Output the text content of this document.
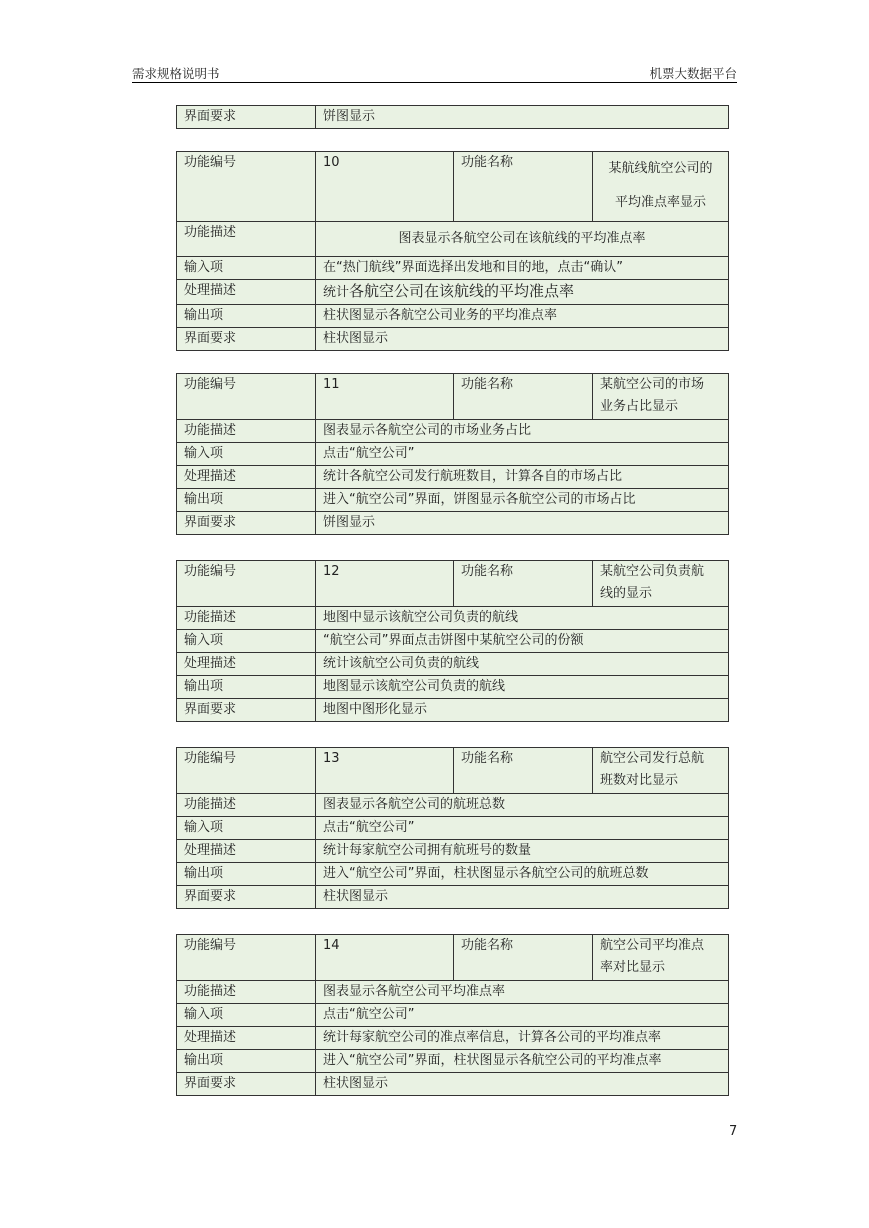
需求规格说明书	机票大数据平台
界面要求	饼图显示
功能编号	10	功能名称	某航线航空公司的
平均准点率显示

功能描述	图表显示各航空公司在该航线的平均准点率		
输入项	在“热门航线”界面选择出发地和目的地，点击“确认”		
处理描述	统计各航空公司在该航线的平均准点率		
输出项	柱状图显示各航空公司业务的平均准点率		
界面要求	柱状图显示		
功能编号	11	功能名称	某航空公司的市场
业务占比显示

功能描述	图表显示各航空公司的市场业务占比		
输入项	点击“航空公司”		
处理描述	统计各航空公司发行航班数目，计算各自的市场占比		
输出项	进入“航空公司”界面，饼图显示各航空公司的市场占比		
界面要求	饼图显示		
功能编号	12	功能名称	某航空公司负责航
线的显示

功能描述	地图中显示该航空公司负责的航线		
输入项	“航空公司”界面点击饼图中某航空公司的份额		
处理描述	统计该航空公司负责的航线		
输出项	地图显示该航空公司负责的航线		
界面要求	地图中图形化显示		
功能编号	13	功能名称	航空公司发行总航
班数对比显示

功能描述	图表显示各航空公司的航班总数		
输入项	点击“航空公司”		
处理描述	统计每家航空公司拥有航班号的数量		
输出项	进入“航空公司”界面，柱状图显示各航空公司的航班总数		
界面要求	柱状图显示		
功能编号	14	功能名称	航空公司平均准点
率对比显示

功能描述	图表显示各航空公司平均准点率		
输入项	点击“航空公司”		
处理描述	统计每家航空公司的准点率信息，计算各公司的平均准点率		
输出项	进入“航空公司”界面，柱状图显示各航空公司的平均准点率		
界面要求	柱状图显示		
7
